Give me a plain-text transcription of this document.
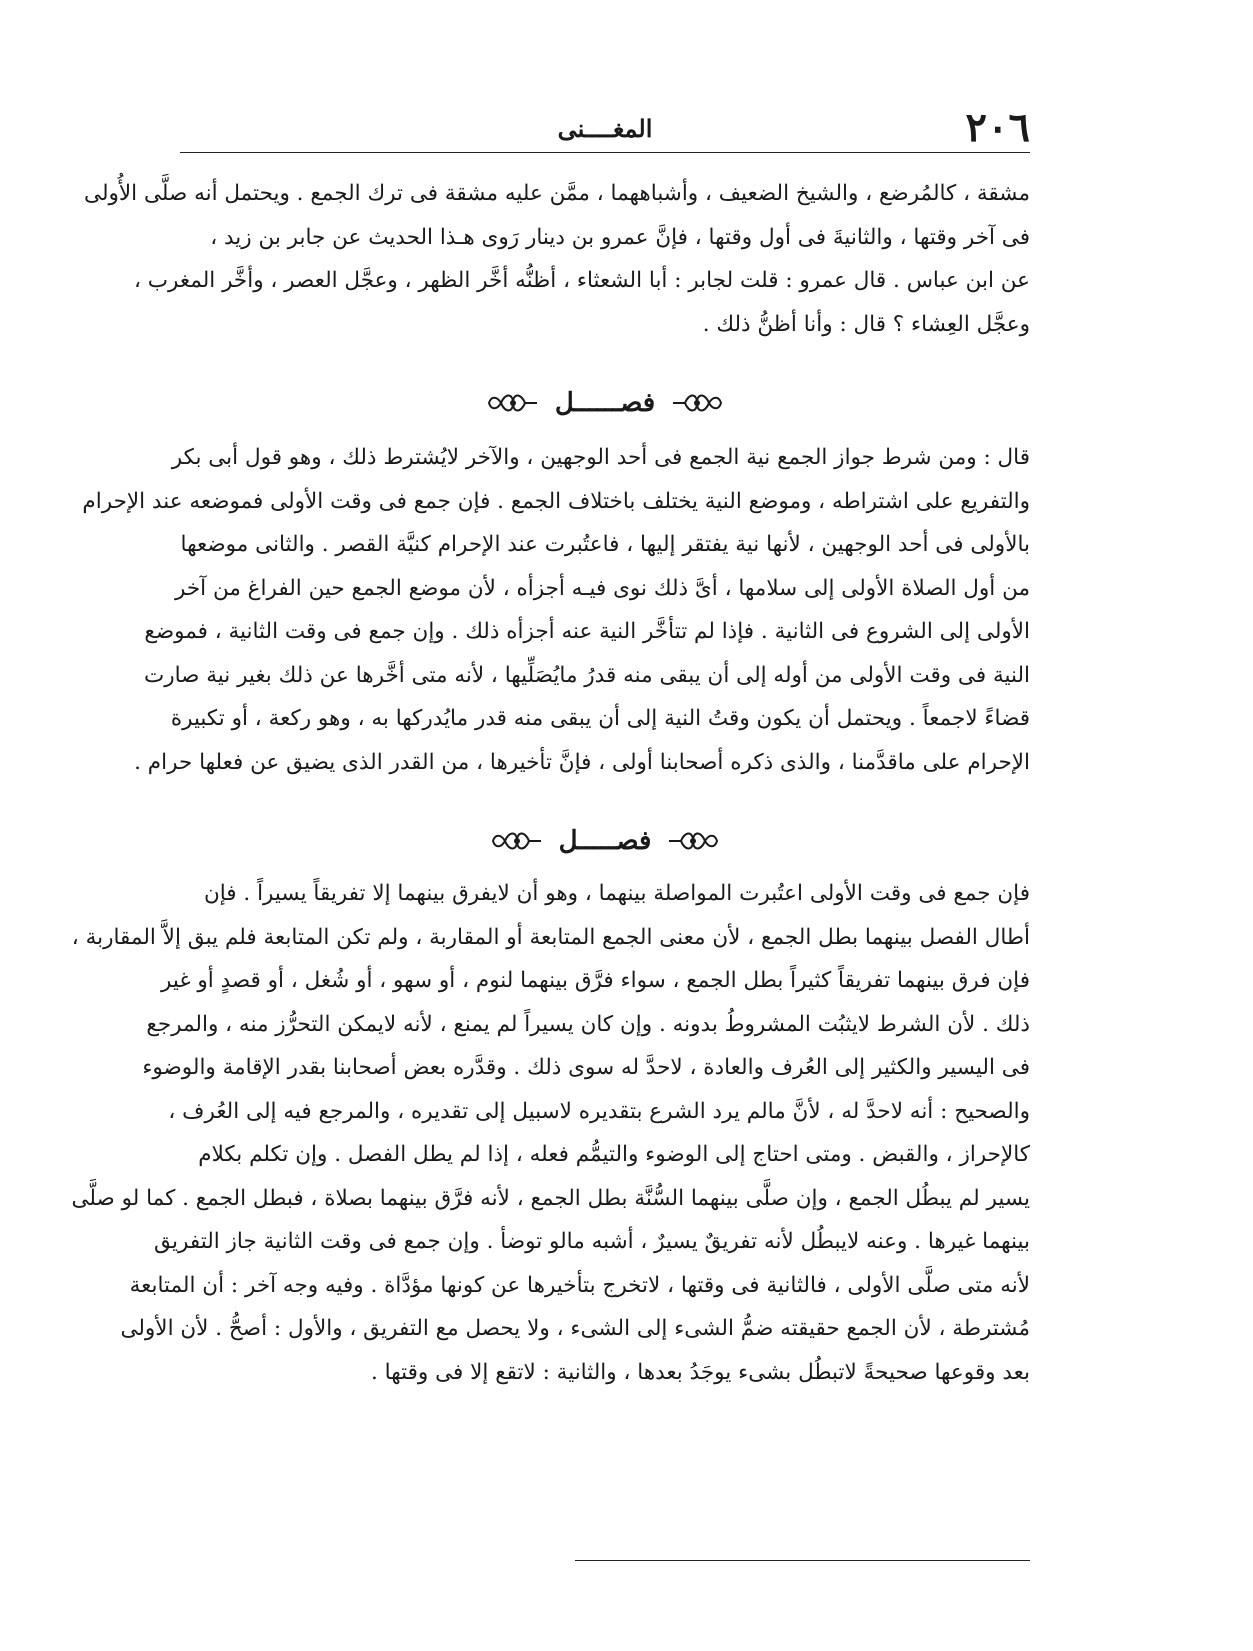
٢٠٦
المغــــنى
مشقة ، كالمُرضع ، والشيخ الضعيف ، وأشباههما ، ممَّن عليه مشقة فى ترك الجمع . ويحتمل أنه صلَّى الأُولى
فى آخر وقتها ، والثانيةَ فى أول وقتها ، فإنَّ عمرو بن دينار رَوى هـذا الحديث عن جابر بن زيد ،
عن ابن عباس . قال عمرو : قلت لجابر : أبا الشعثاء ، أظنُّه أخَّر الظهر ، وعجَّل العصر ، وأخَّر المغرب ،
وعجَّل العِشاء ؟ قال : وأنا أظنُّ ذلك .
فصــــــل
قال : ومن شرط جواز الجمع نية الجمع فى أحد الوجهين ، والآخر لايُشترط ذلك ، وهو قول أبى بكر
والتفريع على اشتراطه ، وموضع النية يختلف باختلاف الجمع . فإن جمع فى وقت الأولى فموضعه عند الإحرام
بالأولى فى أحد الوجهين ، لأنها نية يفتقر إليها ، فاعتُبرت عند الإحرام كنيَّة القصر . والثانى موضعها
من أول الصلاة الأولى إلى سلامها ، أىَّ ذلك نوى فيـه أجزأه ، لأن موضع الجمع حين الفراغ من آخر
الأولى إلى الشروع فى الثانية . فإذا لم تتأخَّر النية عنه أجزأه ذلك . وإن جمع فى وقت الثانية ، فموضع
النية فى وقت الأولى من أوله إلى أن يبقى منه قدرُ مايُصَلِّيها ، لأنه متى أخَّرها عن ذلك بغير نية صارت
قضاءً لاجمعاً . ويحتمل أن يكون وقتُ النية إلى أن يبقى منه قدر مايُدركها به ، وهو ركعة ، أو تكبيرة
الإحرام على ماقدَّمنا ، والذى ذكره أصحابنا أولى ، فإنَّ تأخيرها ، من القدر الذى يضيق عن فعلها حرام .
فصـــــل
فإن جمع فى وقت الأولى اعتُبرت المواصلة بينهما ، وهو أن لايفرق بينهما إلا تفريقاً يسيراً . فإن
أطال الفصل بينهما بطل الجمع ، لأن معنى الجمع المتابعة أو المقاربة ، ولم تكن المتابعة فلم يبق إلاَّ المقاربة ،
فإن فرق بينهما تفريقاً كثيراً بطل الجمع ، سواء فرَّق بينهما لنوم ، أو سهو ، أو شُغل ، أو قصدٍ أو غير
ذلك . لأن الشرط لايثبُت المشروطُ بدونه . وإن كان يسيراً لم يمنع ، لأنه لايمكن التحرُّز منه ، والمرجع
فى اليسير والكثير إلى العُرف والعادة ، لاحدَّ له سوى ذلك . وقدَّره بعض أصحابنا بقدر الإقامة والوضوء
والصحيح : أنه لاحدَّ له ، لأنَّ مالم يرد الشرع بتقديره لاسبيل إلى تقديره ، والمرجع فيه إلى العُرف ،
كالإحراز ، والقبض . ومتى احتاج إلى الوضوء والتيمُّم فعله ، إذا لم يطل الفصل . وإن تكلم بكلام
يسير لم يبطُل الجمع ، وإن صلَّى بينهما السُّنَّة بطل الجمع ، لأنه فرَّق بينهما بصلاة ، فبطل الجمع . كما لو صلَّى
بينهما غيرها . وعنه لايبطُل لأنه تفريقٌ يسيرٌ ، أشبه مالو توضأ . وإن جمع فى وقت الثانية جاز التفريق
لأنه متى صلَّى الأولى ، فالثانية فى وقتها ، لاتخرج بتأخيرها عن كونها مؤدَّاة . وفيه وجه آخر : أن المتابعة
مُشترطة ، لأن الجمع حقيقته ضمُّ الشىء إلى الشىء ، ولا يحصل مع التفريق ، والأول : أصحُّ . لأن الأولى
بعد وقوعها صحيحةً لاتبطُل بشىء يوجَدُ بعدها ، والثانية : لاتقع إلا فى وقتها .
